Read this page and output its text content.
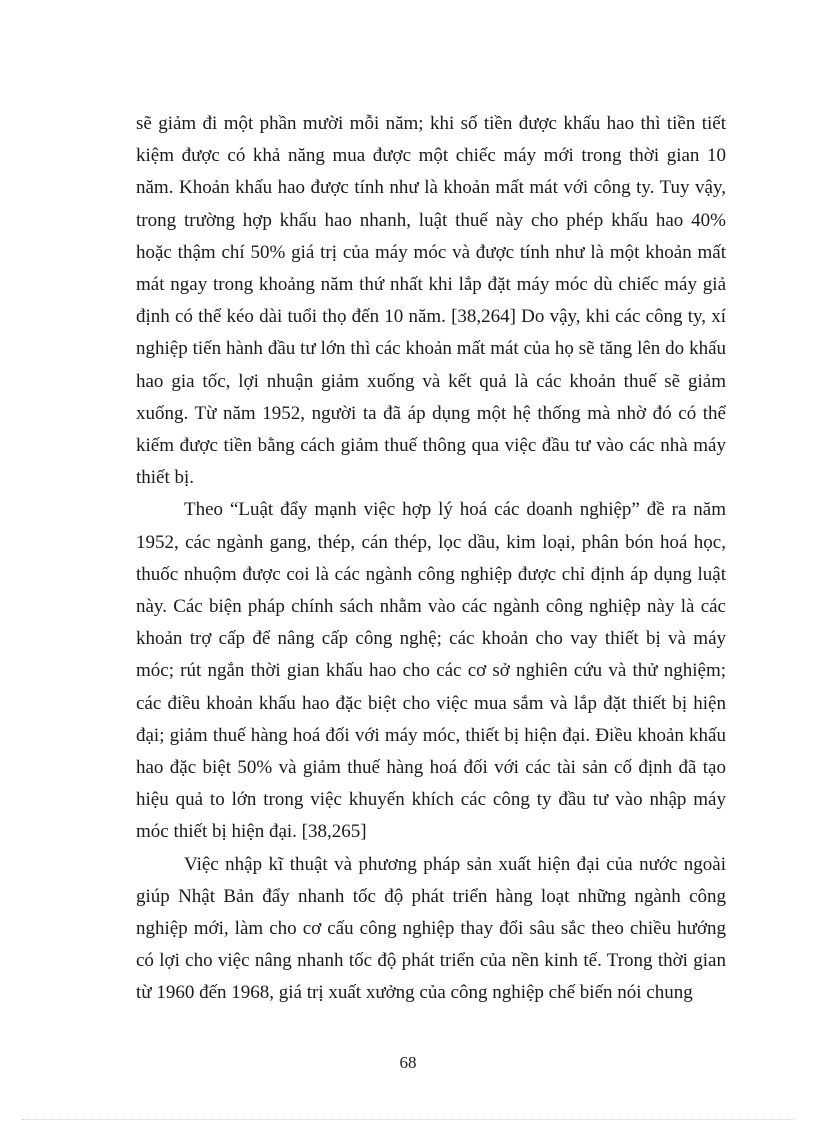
sẽ giảm đi một phần mười mỗi năm; khi số tiền được khấu hao thì tiền tiết kiệm được có khả năng mua được một chiếc máy mới trong thời gian 10 năm. Khoản khấu hao được tính như là khoản mất mát với công ty. Tuy vậy, trong trường hợp khấu hao nhanh, luật thuế này cho phép khấu hao 40% hoặc thậm chí 50% giá trị của máy móc và được tính như là một khoản mất mát ngay trong khoảng năm thứ nhất khi lắp đặt máy móc dù chiếc máy giả định có thể kéo dài tuổi thọ đến 10 năm. [38,264] Do vậy, khi các công ty, xí nghiệp tiến hành đầu tư lớn thì các khoản mất mát của họ sẽ tăng lên do khấu hao gia tốc, lợi nhuận giảm xuống và kết quả là các khoản thuế sẽ giảm xuống. Từ năm 1952, người ta đã áp dụng một hệ thống mà nhờ đó có thể kiếm được tiền bằng cách giảm thuế thông qua việc đầu tư vào các nhà máy thiết bị.

Theo “Luật đẩy mạnh việc hợp lý hoá các doanh nghiệp” đề ra năm 1952, các ngành gang, thép, cán thép, lọc dầu, kim loại, phân bón hoá học, thuốc nhuộm được coi là các ngành công nghiệp được chỉ định áp dụng luật này. Các biện pháp chính sách nhằm vào các ngành công nghiệp này là các khoản trợ cấp để nâng cấp công nghệ; các khoản cho vay thiết bị và máy móc; rút ngắn thời gian khấu hao cho các cơ sở nghiên cứu và thử nghiệm; các điều khoản khấu hao đặc biệt cho việc mua sắm và lắp đặt thiết bị hiện đại; giảm thuế hàng hoá đối với máy móc, thiết bị hiện đại. Điều khoản khấu hao đặc biệt 50% và giảm thuế hàng hoá đối với các tài sản cố định đã tạo hiệu quả to lớn trong việc khuyến khích các công ty đầu tư vào nhập máy móc thiết bị hiện đại. [38,265]

Việc nhập kĩ thuật và phương pháp sản xuất hiện đại của nước ngoài giúp Nhật Bản đẩy nhanh tốc độ phát triển hàng loạt những ngành công nghiệp mới, làm cho cơ cấu công nghiệp thay đổi sâu sắc theo chiều hướng có lợi cho việc nâng nhanh tốc độ phát triển của nền kinh tế. Trong thời gian từ 1960 đến 1968, giá trị xuất xưởng của công nghiệp chế biến nói chung

68
